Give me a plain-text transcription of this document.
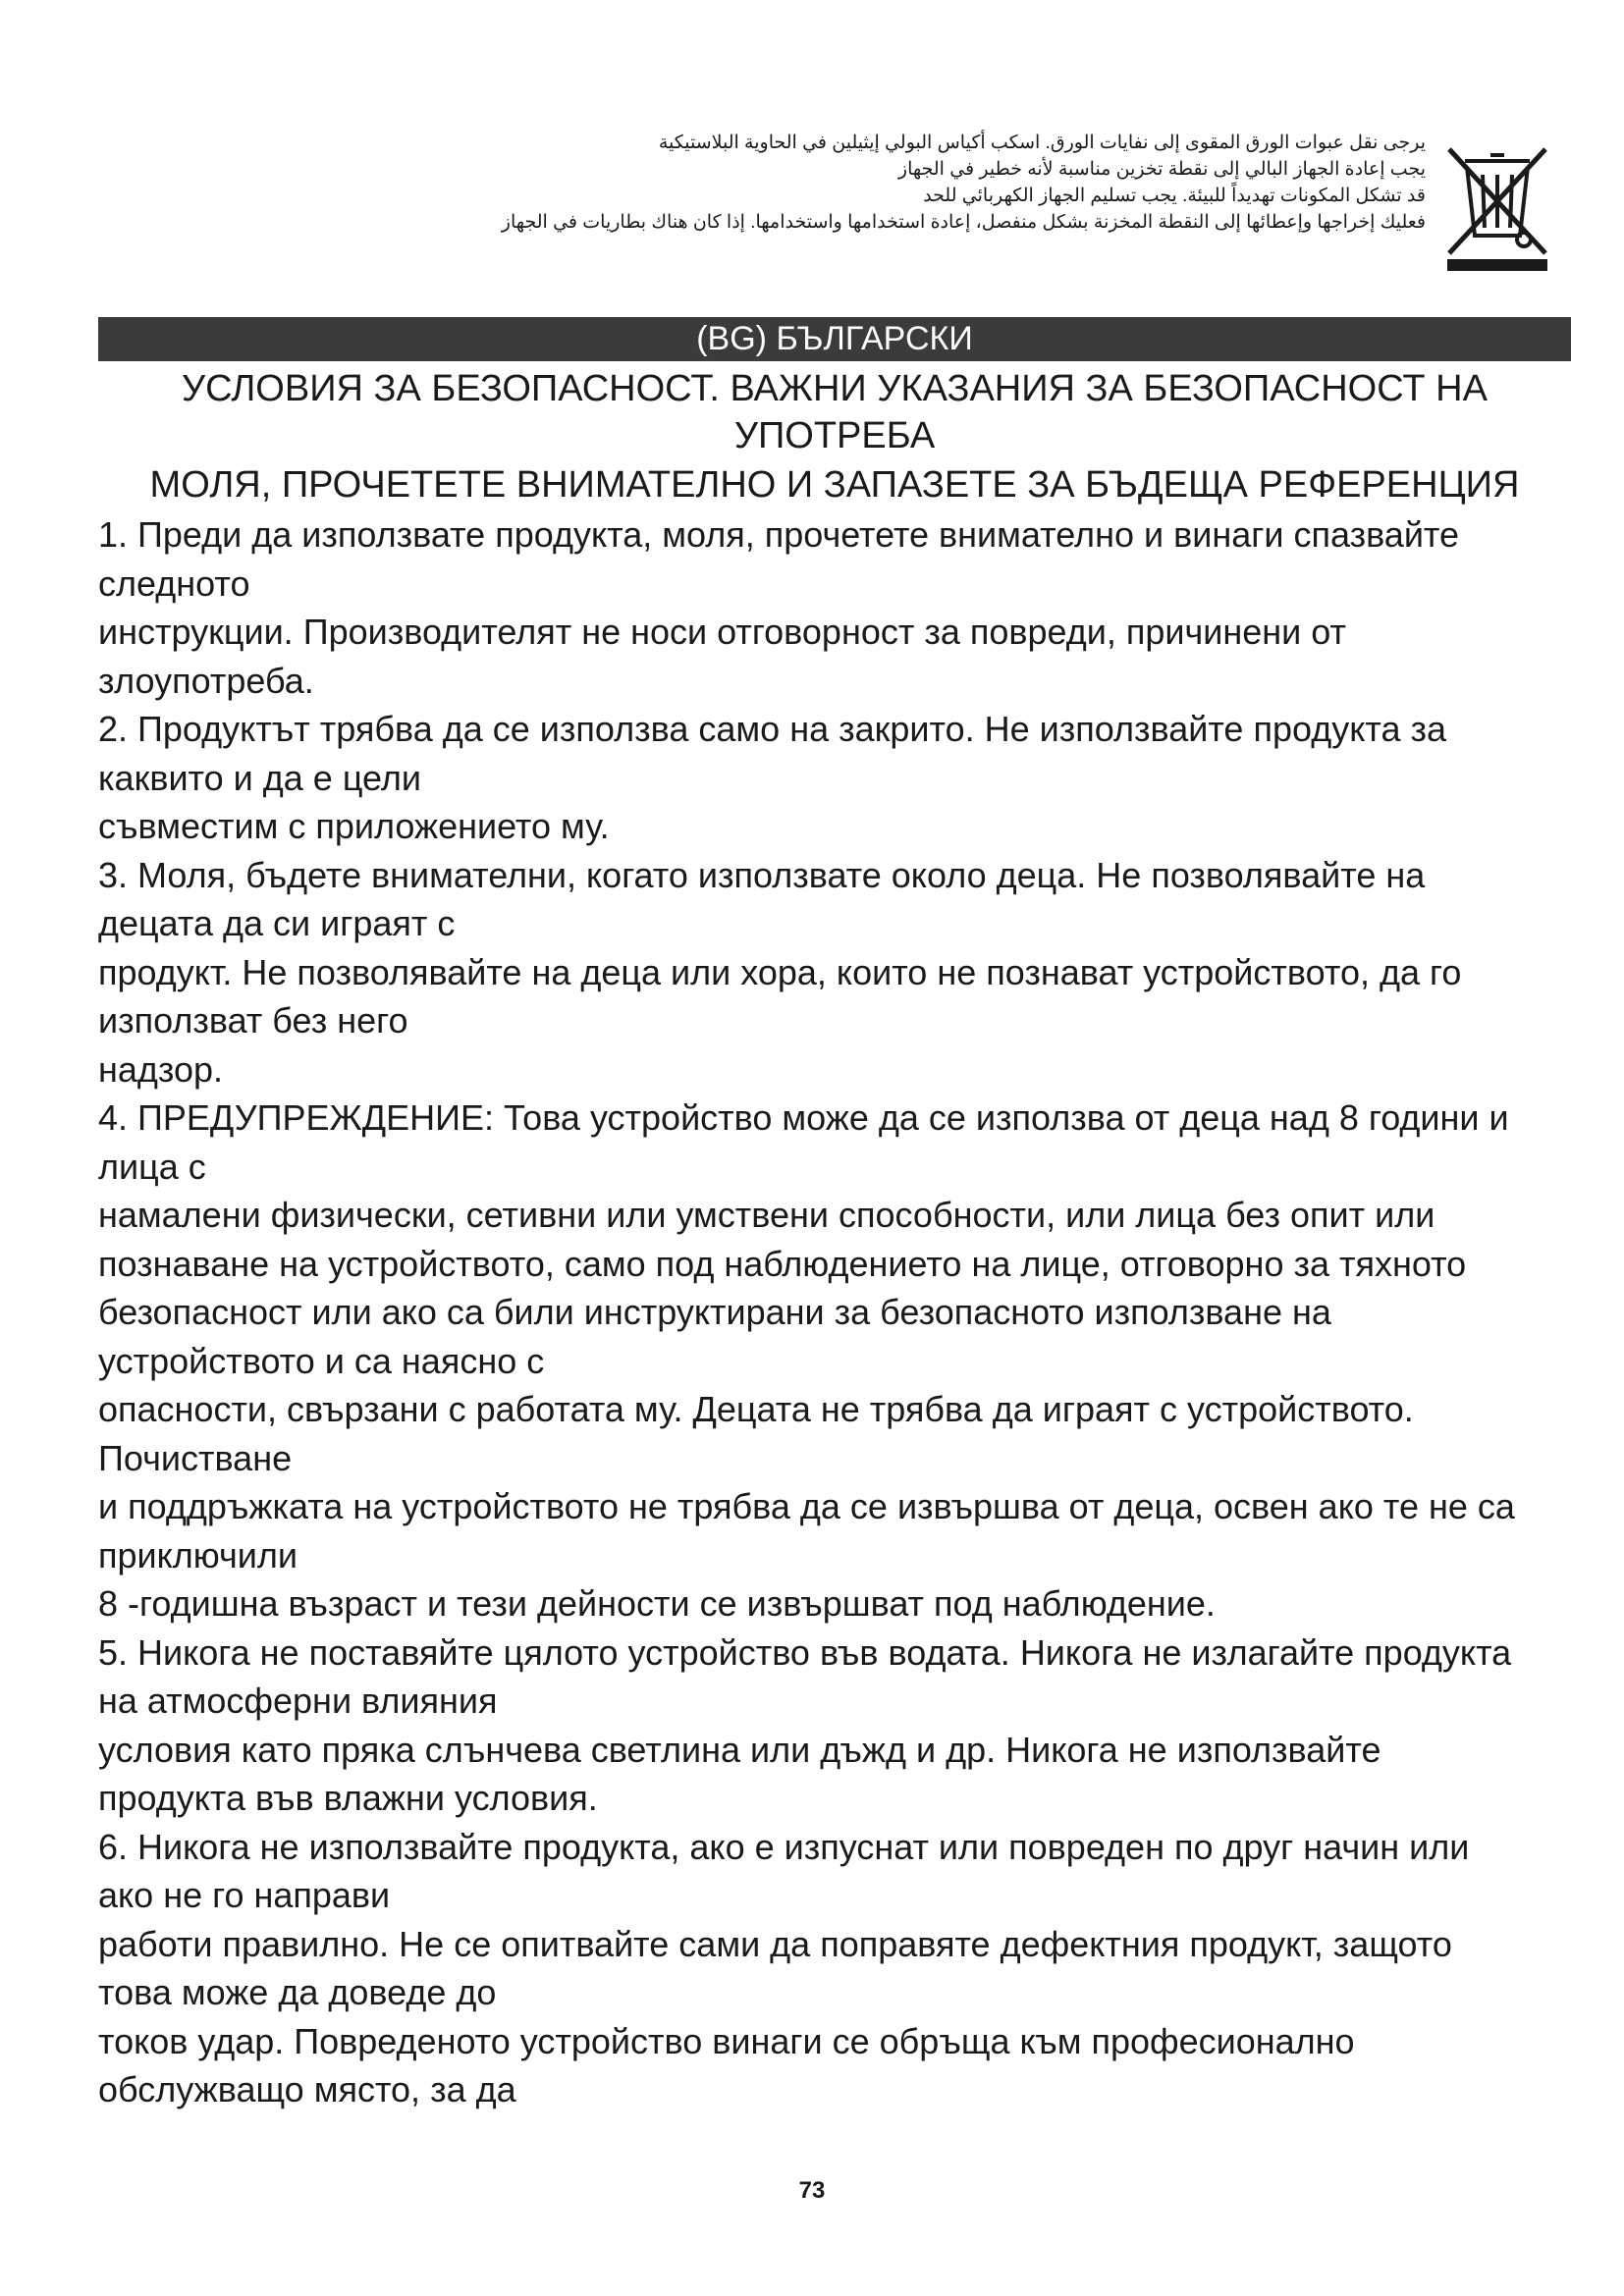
يرجى نقل عبوات الورق المقوى إلى نفايات الورق. اسكب أكياس البولي إيثيلين في الحاوية البلاستيكية

يجب إعادة الجهاز البالي إلى نقطة تخزين مناسبة لأنه خطير في الجهاز

قد تشكل المكونات تهديداً للبيئة. يجب تسليم الجهاز الكهربائي للحد

فعليك إخراجها وإعطائها إلى النقطة المخزنة بشكل منفصل، إعادة استخدامها واستخدامها. إذا كان هناك بطاريات في الجهاز

(BG) БЪЛГАРСКИ
УСЛОВИЯ ЗА БЕЗОПАСНОСТ. ВАЖНИ УКАЗАНИЯ ЗА БЕЗОПАСНОСТ НА
УПОТРЕБА
МОЛЯ, ПРОЧЕТЕТЕ ВНИМАТЕЛНО И ЗАПАЗЕТЕ ЗА БЪДЕЩА РЕФЕРЕНЦИЯ

1. Преди да използвате продукта, моля, прочетете внимателно и винаги спазвайте

следното

инструкции. Производителят не носи отговорност за повреди, причинени от

злоупотреба.

2. Продуктът трябва да се използва само на закрито. Не използвайте продукта за

каквито и да е цели

съвместим с приложението му.

3. Моля, бъдете внимателни, когато използвате около деца. Не позволявайте на

децата да си играят с

продукт. Не позволявайте на деца или хора, които не познават устройството, да го

използват без него

надзор.

4. ПРЕДУПРЕЖДЕНИЕ: Това устройство може да се използва от деца над 8 години и

лица с

намалени физически, сетивни или умствени способности, или лица без опит или

познаване на устройството, само под наблюдението на лице, отговорно за тяхното

безопасност или ако са били инструктирани за безопасното използване на

устройството и са наясно с

опасности, свързани с работата му. Децата не трябва да играят с устройството.

Почистване

и поддръжката на устройството не трябва да се извършва от деца, освен ако те не са

приключили

8 -годишна възраст и тези дейности се извършват под наблюдение.

5. Никога не поставяйте цялото устройство във водата. Никога не излагайте продукта

на атмосферни влияния

условия като пряка слънчева светлина или дъжд и др. Никога не използвайте

продукта във влажни условия.

6. Никога не използвайте продукта, ако е изпуснат или повреден по друг начин или

ако не го направи

работи правилно. Не се опитвайте сами да поправяте дефектния продукт, защото

това може да доведе до

токов удар. Повреденото устройство винаги се обръща към професионално

обслужващо място, за да

73
